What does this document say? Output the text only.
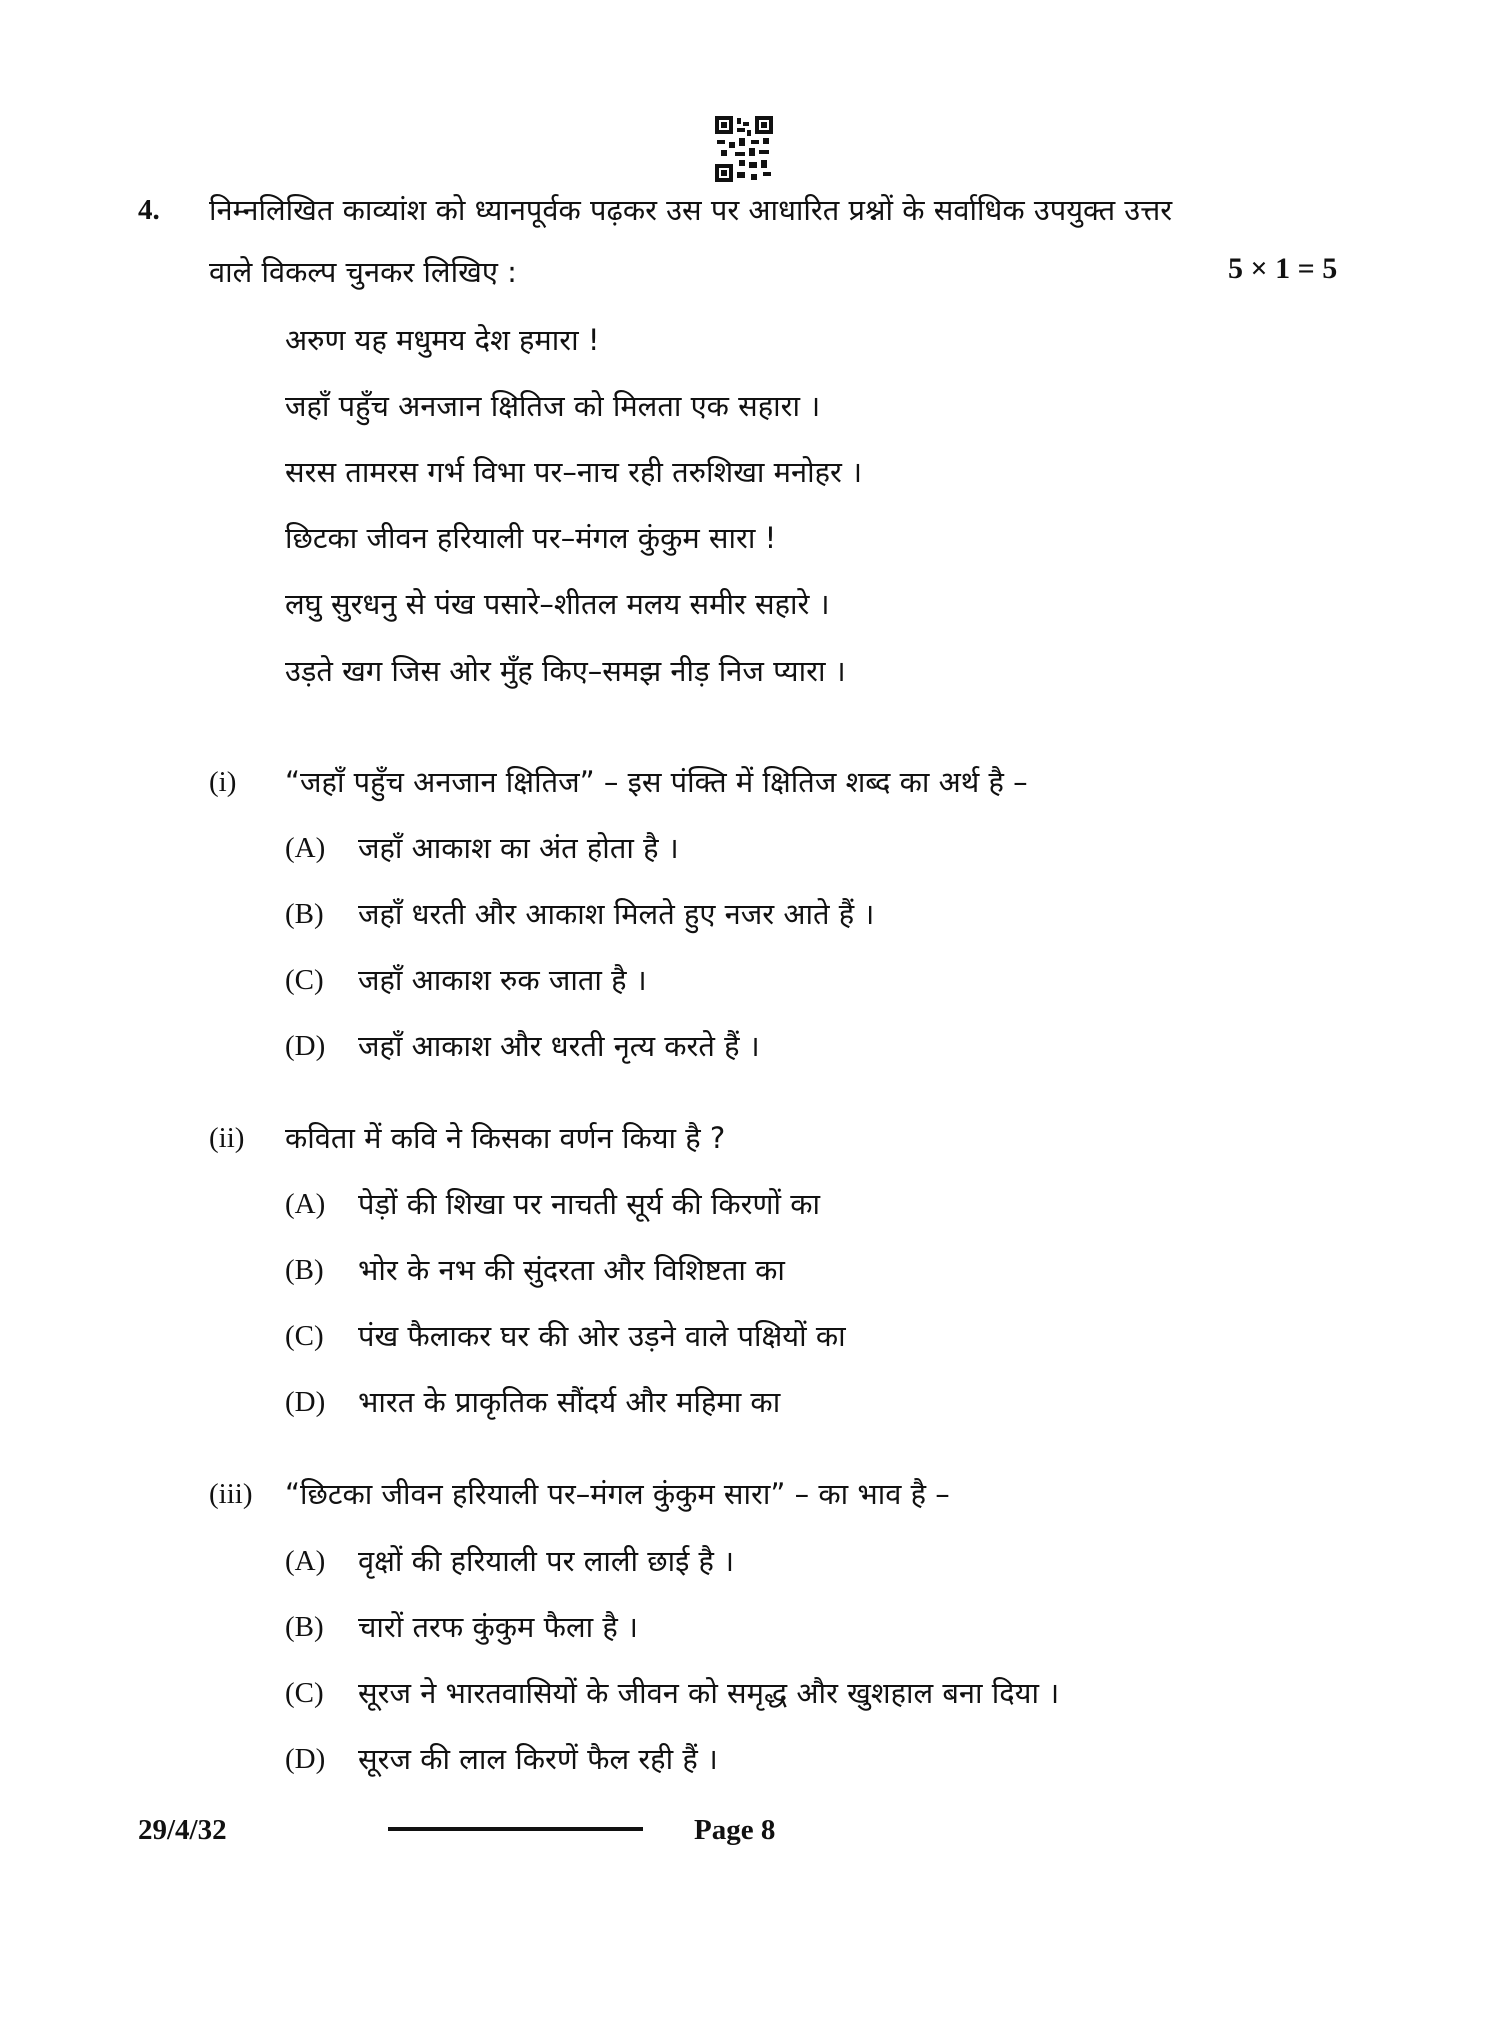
4. निम्नलिखित काव्यांश को ध्यानपूर्वक पढ़कर उस पर आधारित प्रश्नों के सर्वाधिक उपयुक्त उत्तर
वाले विकल्प चुनकर लिखिए :	5 × 1 = 5
अरुण यह मधुमय देश हमारा !
जहाँ पहुँच अनजान क्षितिज को मिलता एक सहारा ।
सरस तामरस गर्भ विभा पर–नाच रही तरुशिखा मनोहर ।
छिटका जीवन हरियाली पर–मंगल कुंकुम सारा !
लघु सुरधनु से पंख पसारे–शीतल मलय समीर सहारे ।
उड़ते खग जिस ओर मुँह किए–समझ नीड़ निज प्यारा ।
(i) “जहाँ पहुँच अनजान क्षितिज” – इस पंक्ति में क्षितिज शब्द का अर्थ है –
(A) जहाँ आकाश का अंत होता है ।
(B) जहाँ धरती और आकाश मिलते हुए नजर आते हैं ।
(C) जहाँ आकाश रुक जाता है ।
(D) जहाँ आकाश और धरती नृत्य करते हैं ।
(ii) कविता में कवि ने किसका वर्णन किया है ?
(A) पेड़ों की शिखा पर नाचती सूर्य की किरणों का
(B) भोर के नभ की सुंदरता और विशिष्टता का
(C) पंख फैलाकर घर की ओर उड़ने वाले पक्षियों का
(D) भारत के प्राकृतिक सौंदर्य और महिमा का
(iii) “छिटका जीवन हरियाली पर–मंगल कुंकुम सारा” – का भाव है –
(A) वृक्षों की हरियाली पर लाली छाई है ।
(B) चारों तरफ कुंकुम फैला है ।
(C) सूरज ने भारतवासियों के जीवन को समृद्ध और खुशहाल बना दिया ।
(D) सूरज की लाल किरणें फैल रही हैं ।
29/4/32	Page 8
